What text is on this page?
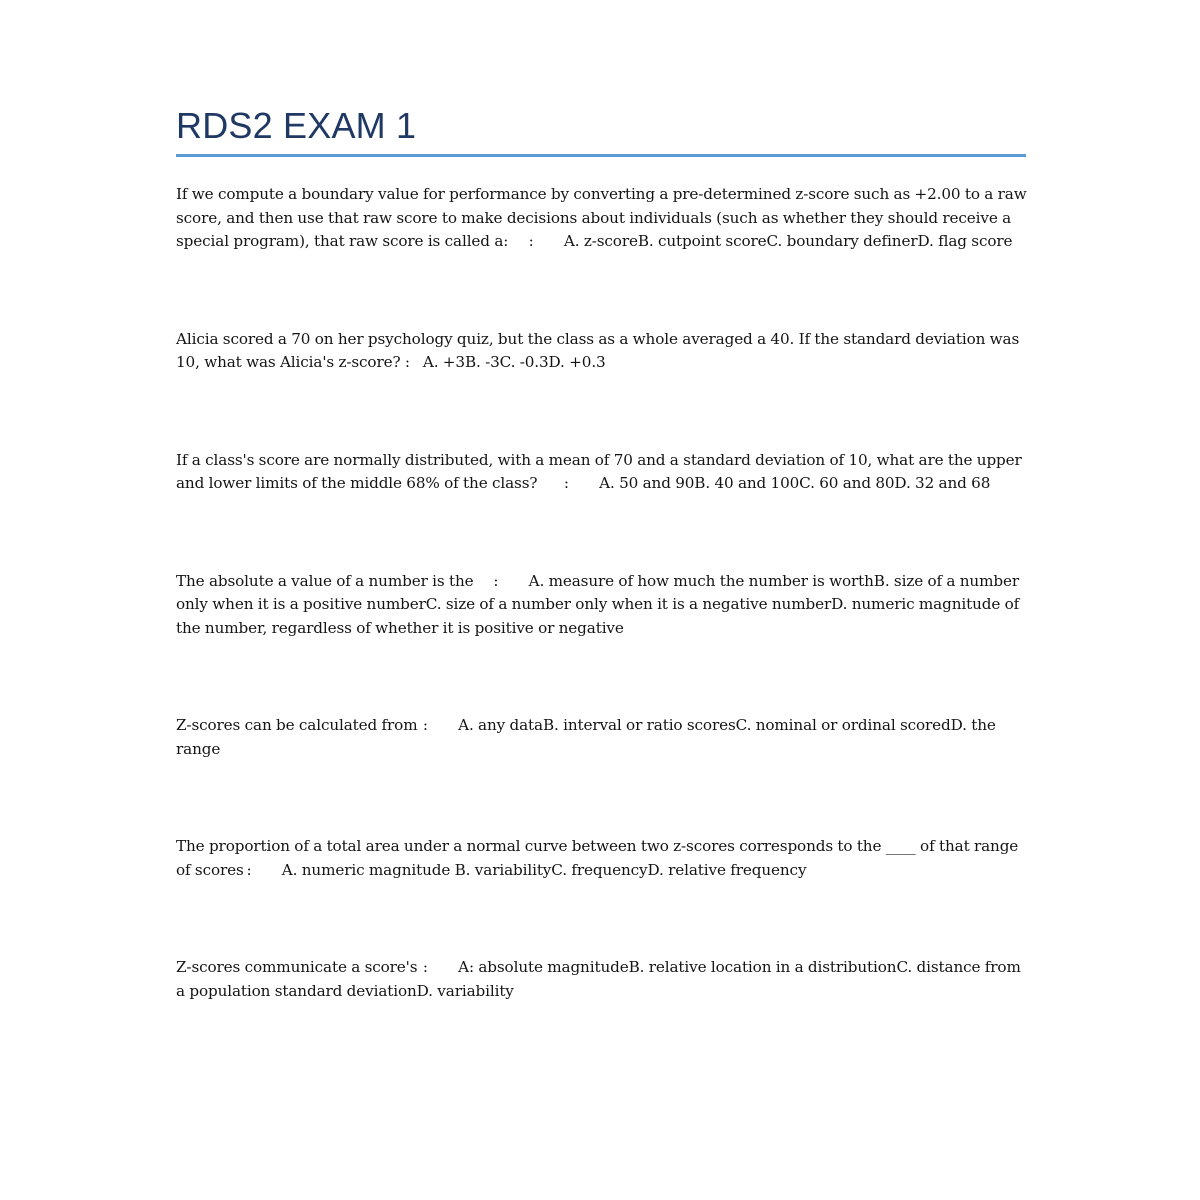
RDS2 EXAM 1

If we compute a boundary value for performance by converting a pre-determined z-score such as +2.00 to a raw score, and then use that raw score to make decisions about individuals (such as whether they should receive a special program), that raw score is called a:	:	A. z-scoreB. cutpoint scoreC. boundary definerD. flag score

Alicia scored a 70 on her psychology quiz, but the class as a whole averaged a 40. If the standard deviation was 10, what was Alicia's z-score? :	A. +3B. -3C. -0.3D. +0.3

If a class's score are normally distributed, with a mean of 70 and a standard deviation of 10, what are the upper and lower limits of the middle 68% of the class?	:	A. 50 and 90B. 40 and 100C. 60 and 80D. 32 and 68

The absolute a value of a number is the	:	A. measure of how much the number is worthB. size of a number only when it is a positive numberC. size of a number only when it is a negative numberD. numeric magnitude of the number, regardless of whether it is positive or negative

Z-scores can be calculated from	:	A. any dataB. interval or ratio scoresC. nominal or ordinal scoredD. the range

The proportion of a total area under a normal curve between two z-scores corresponds to the ____ of that range of scores	:	A. numeric magnitude B. variabilityC. frequencyD. relative frequency

Z-scores communicate a score's	:	A: absolute magnitudeB. relative location in a distributionC. distance from a population standard deviationD. variability
